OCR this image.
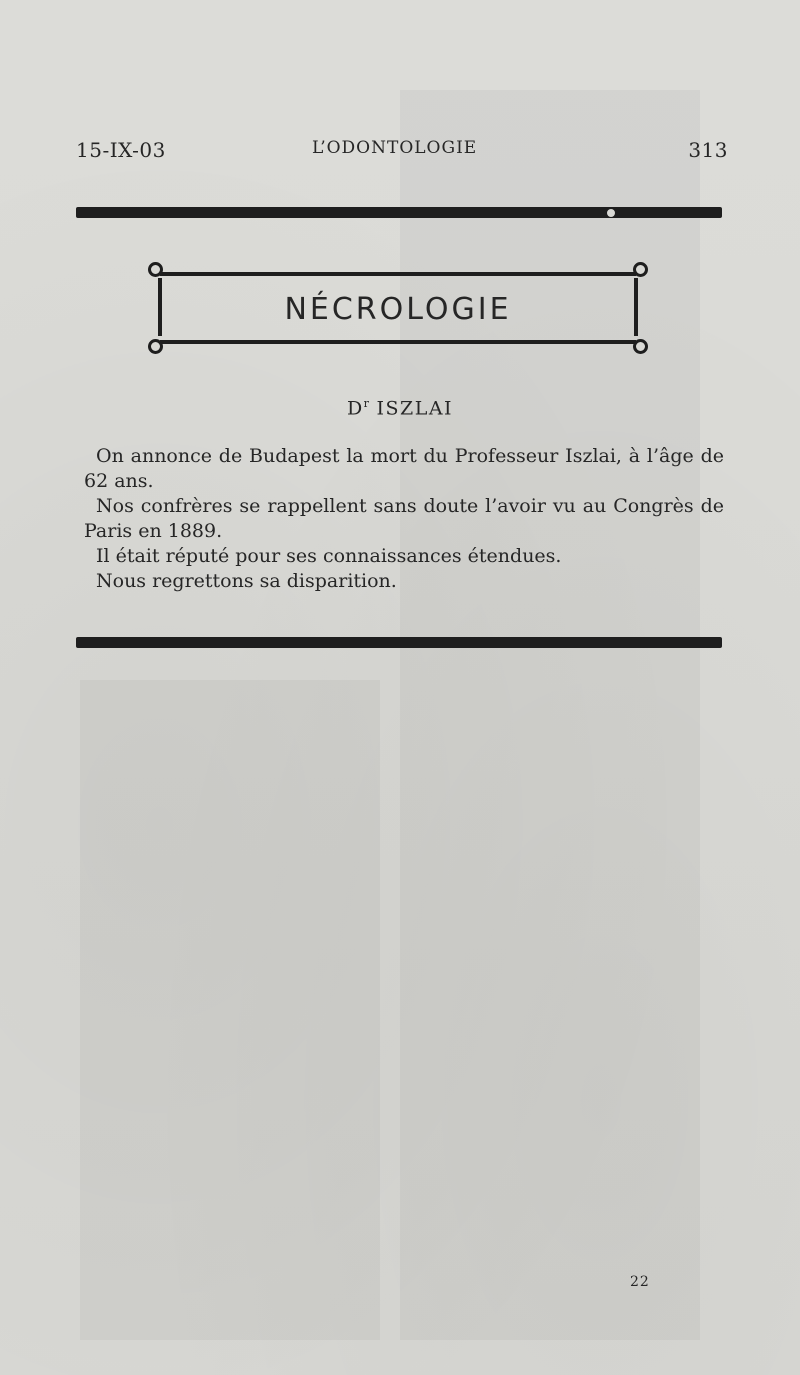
15-IX-03	L’ODONTOLOGIE	313
NÉCROLOGIE
$D^r$ ISZLAI

On annonce de Budapest la mort du Professeur Iszlai, à l’âge de 62 ans.

Nos confrères se rappellent sans doute l’avoir vu au Congrès de Paris en 1889.

Il était réputé pour ses connaissances étendues.

Nous regrettons sa disparition.

22
